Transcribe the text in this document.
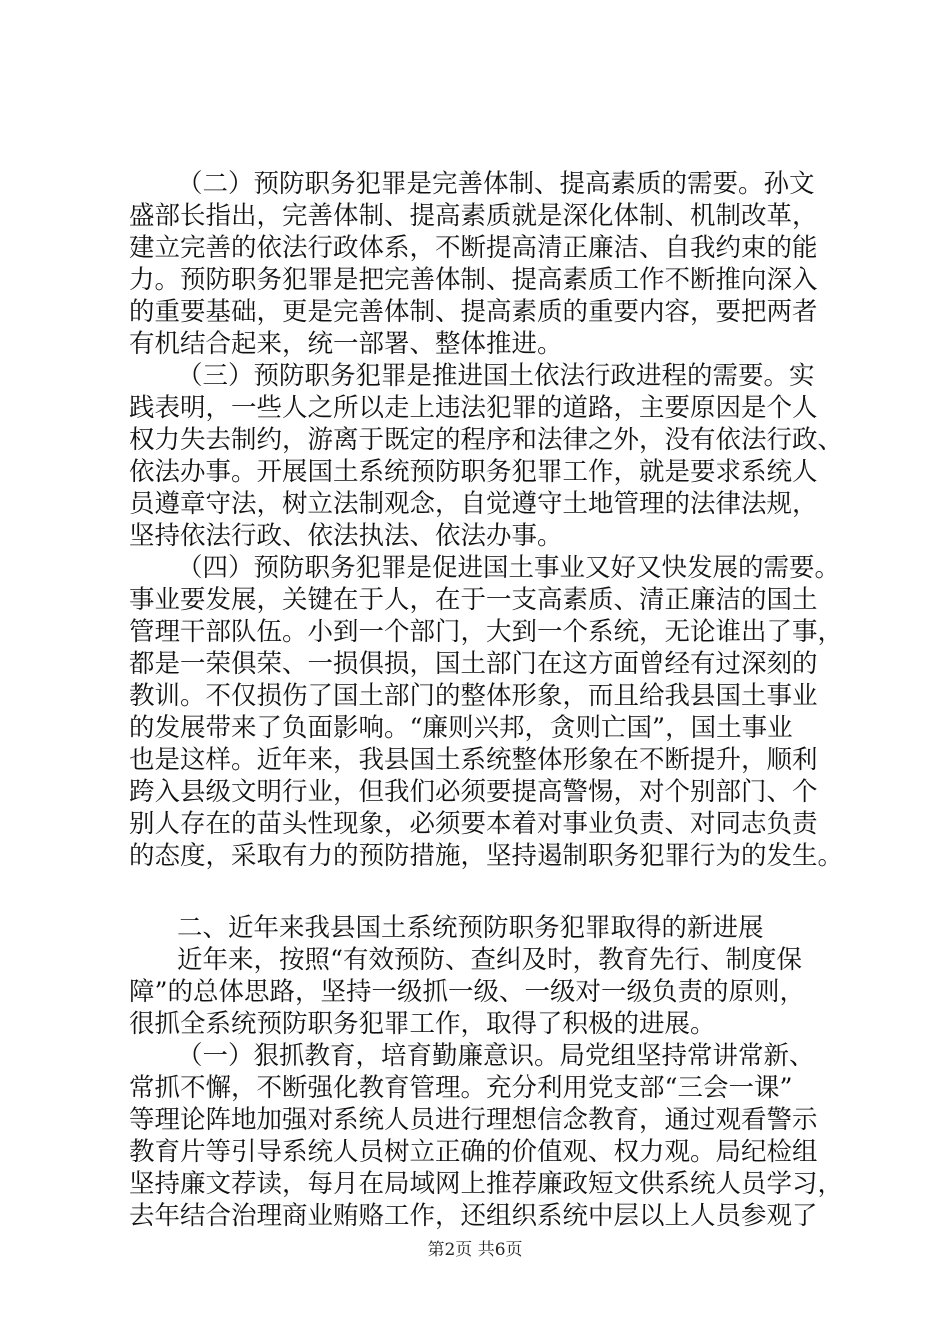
（二）预防职务犯罪是完善体制、提高素质的需要。孙文
盛部长指出，完善体制、提高素质就是深化体制、机制改革，
建立完善的依法行政体系，不断提高清正廉洁、自我约束的能
力。预防职务犯罪是把完善体制、提高素质工作不断推向深入
的重要基础，更是完善体制、提高素质的重要内容，要把两者
有机结合起来，统一部署、整体推进。
（三）预防职务犯罪是推进国土依法行政进程的需要。实
践表明，一些人之所以走上违法犯罪的道路，主要原因是个人
权力失去制约，游离于既定的程序和法律之外，没有依法行政、
依法办事。开展国土系统预防职务犯罪工作，就是要求系统人
员遵章守法，树立法制观念，自觉遵守土地管理的法律法规，
坚持依法行政、依法执法、依法办事。
（四）预防职务犯罪是促进国土事业又好又快发展的需要。
事业要发展，关键在于人，在于一支高素质、清正廉洁的国土
管理干部队伍。小到一个部门，大到一个系统，无论谁出了事，
都是一荣俱荣、一损俱损，国土部门在这方面曾经有过深刻的
教训。不仅损伤了国土部门的整体形象，而且给我县国土事业
的发展带来了负面影响。“廉则兴邦，贪则亡国”，国土事业
也是这样。近年来，我县国土系统整体形象在不断提升，顺利
跨入县级文明行业，但我们必须要提高警惕，对个别部门、个
别人存在的苗头性现象，必须要本着对事业负责、对同志负责
的态度，采取有力的预防措施，坚持遏制职务犯罪行为的发生。
二、近年来我县国土系统预防职务犯罪取得的新进展
近年来，按照“有效预防、查纠及时，教育先行、制度保
障”的总体思路，坚持一级抓一级、一级对一级负责的原则，
很抓全系统预防职务犯罪工作，取得了积极的进展。
（一）狠抓教育，培育勤廉意识。局党组坚持常讲常新、
常抓不懈，不断强化教育管理。充分利用党支部“三会一课”
等理论阵地加强对系统人员进行理想信念教育，通过观看警示
教育片等引导系统人员树立正确的价值观、权力观。局纪检组
坚持廉文荐读，每月在局域网上推荐廉政短文供系统人员学习，
去年结合治理商业贿赂工作，还组织系统中层以上人员参观了
第2页 共6页
